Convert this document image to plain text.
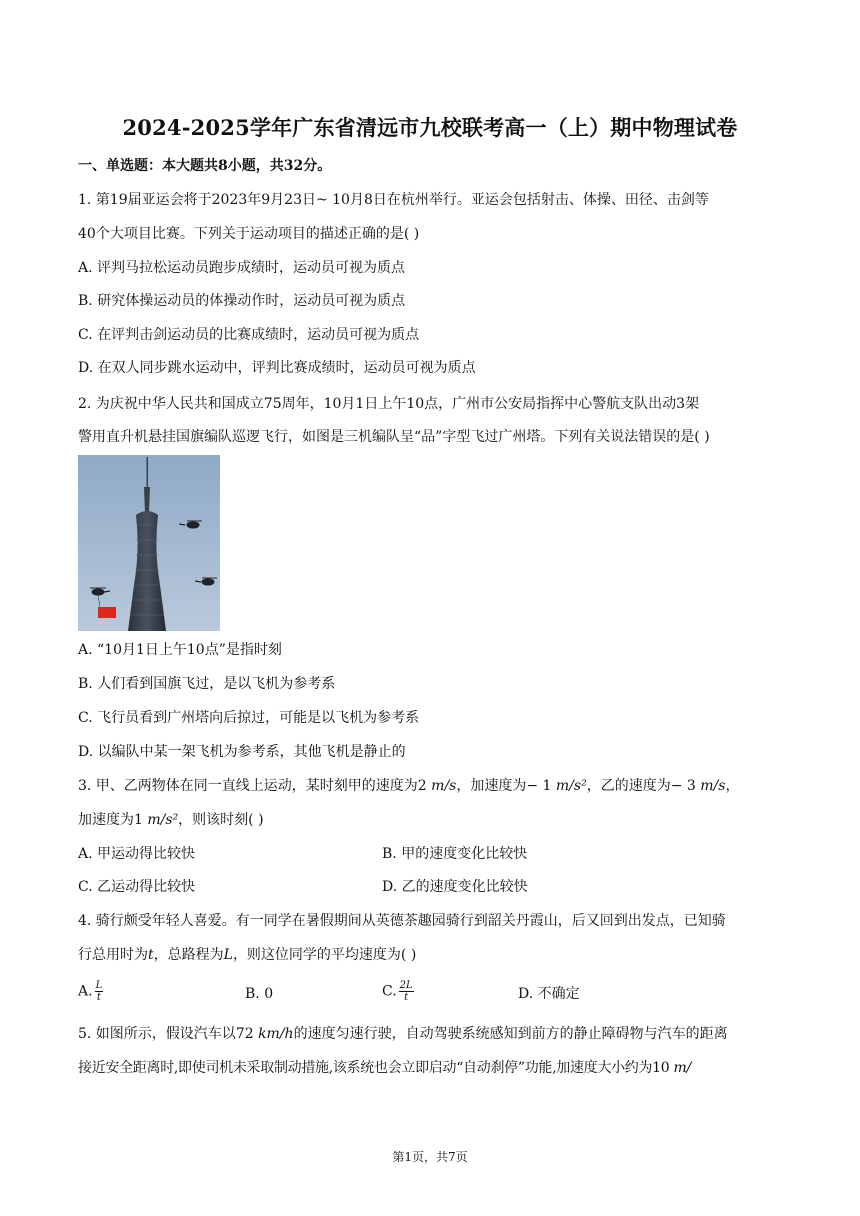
2024-2025学年广东省清远市九校联考高一（上）期中物理试卷
一、单选题：本大题共8小题，共32分。
1. 第19届亚运会将于2023年9月23日~ 10月8日在杭州举行。亚运会包括射击、体操、田径、击剑等
40个大项目比赛。下列关于运动项目的描述正确的是( )
A. 评判马拉松运动员跑步成绩时，运动员可视为质点
B. 研究体操运动员的体操动作时，运动员可视为质点
C. 在评判击剑运动员的比赛成绩时，运动员可视为质点
D. 在双人同步跳水运动中，评判比赛成绩时，运动员可视为质点
2. 为庆祝中华人民共和国成立75周年，10月1日上午10点，广州市公安局指挥中心警航支队出动3架
警用直升机悬挂国旗编队巡逻飞行，如图是三机编队呈“品”字型飞过广州塔。下列有关说法错误的是( )
A. “10月1日上午10点”是指时刻
B. 人们看到国旗飞过，是以飞机为参考系
C. 飞行员看到广州塔向后掠过，可能是以飞机为参考系
D. 以编队中某一架飞机为参考系，其他飞机是静止的
3. 甲、乙两物体在同一直线上运动，某时刻甲的速度为2 m/s，加速度为− 1 m/s²，乙的速度为− 3 m/s，
加速度为1 m/s²，则该时刻( )
A. 甲运动得比较快	B. 甲的速度变化比较快
C. 乙运动得比较快	D. 乙的速度变化比较快
4. 骑行颇受年轻人喜爱。有一同学在暑假期间从英德茶趣园骑行到韶关丹霞山，后又回到出发点，已知骑
行总用时为t，总路程为L，则这位同学的平均速度为( )
A. $\frac{L}{t}$	B. 0	C. $\frac{2L}{t}$	D. 不确定
5. 如图所示，假设汽车以72 km/h的速度匀速行驶，自动驾驶系统感知到前方的静止障碍物与汽车的距离
接近安全距离时,即使司机未采取制动措施,该系统也会立即启动“自动刹停”功能,加速度大小约为10 m/
第1页，共7页
